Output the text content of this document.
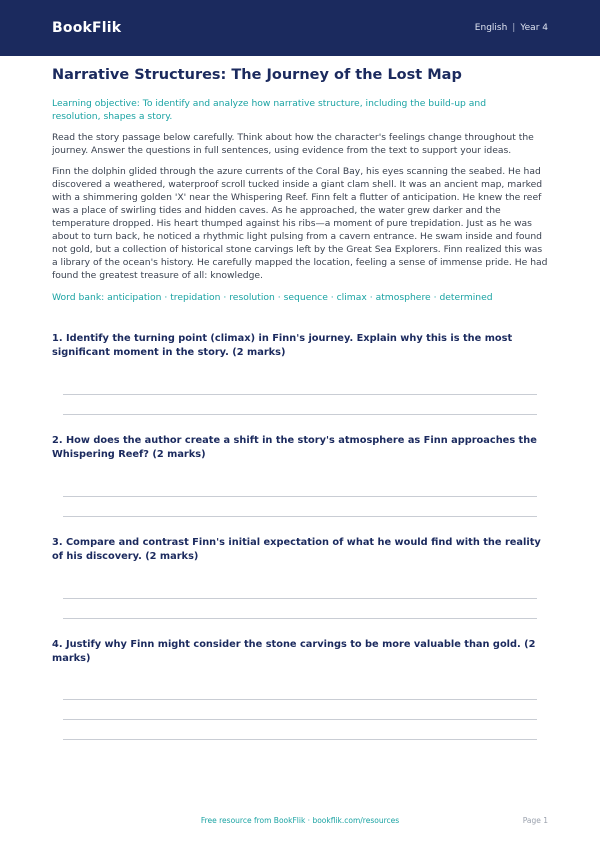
BookFlik	English | Year 4
Narrative Structures: The Journey of the Lost Map

Learning objective: To identify and analyze how narrative structure, including the build-up and resolution, shapes a story.

Read the story passage below carefully. Think about how the character's feelings change throughout the journey. Answer the questions in full sentences, using evidence from the text to support your ideas.

Finn the dolphin glided through the azure currents of the Coral Bay, his eyes scanning the seabed. He had discovered a weathered, waterproof scroll tucked inside a giant clam shell. It was an ancient map, marked with a shimmering golden 'X' near the Whispering Reef. Finn felt a flutter of anticipation. He knew the reef was a place of swirling tides and hidden caves. As he approached, the water grew darker and the temperature dropped. His heart thumped against his ribs—a moment of pure trepidation. Just as he was about to turn back, he noticed a rhythmic light pulsing from a cavern entrance. He swam inside and found not gold, but a collection of historical stone carvings left by the Great Sea Explorers. Finn realized this was a library of the ocean's history. He carefully mapped the location, feeling a sense of immense pride. He had found the greatest treasure of all: knowledge.

Word bank: anticipation · trepidation · resolution · sequence · climax · atmosphere · determined

1. Identify the turning point (climax) in Finn's journey. Explain why this is the most significant moment in the story. (2 marks)

2. How does the author create a shift in the story's atmosphere as Finn approaches the Whispering Reef? (2 marks)

3. Compare and contrast Finn's initial expectation of what he would find with the reality of his discovery. (2 marks)

4. Justify why Finn might consider the stone carvings to be more valuable than gold. (2 marks)

Free resource from BookFlik · bookflik.com/resources	Page 1
